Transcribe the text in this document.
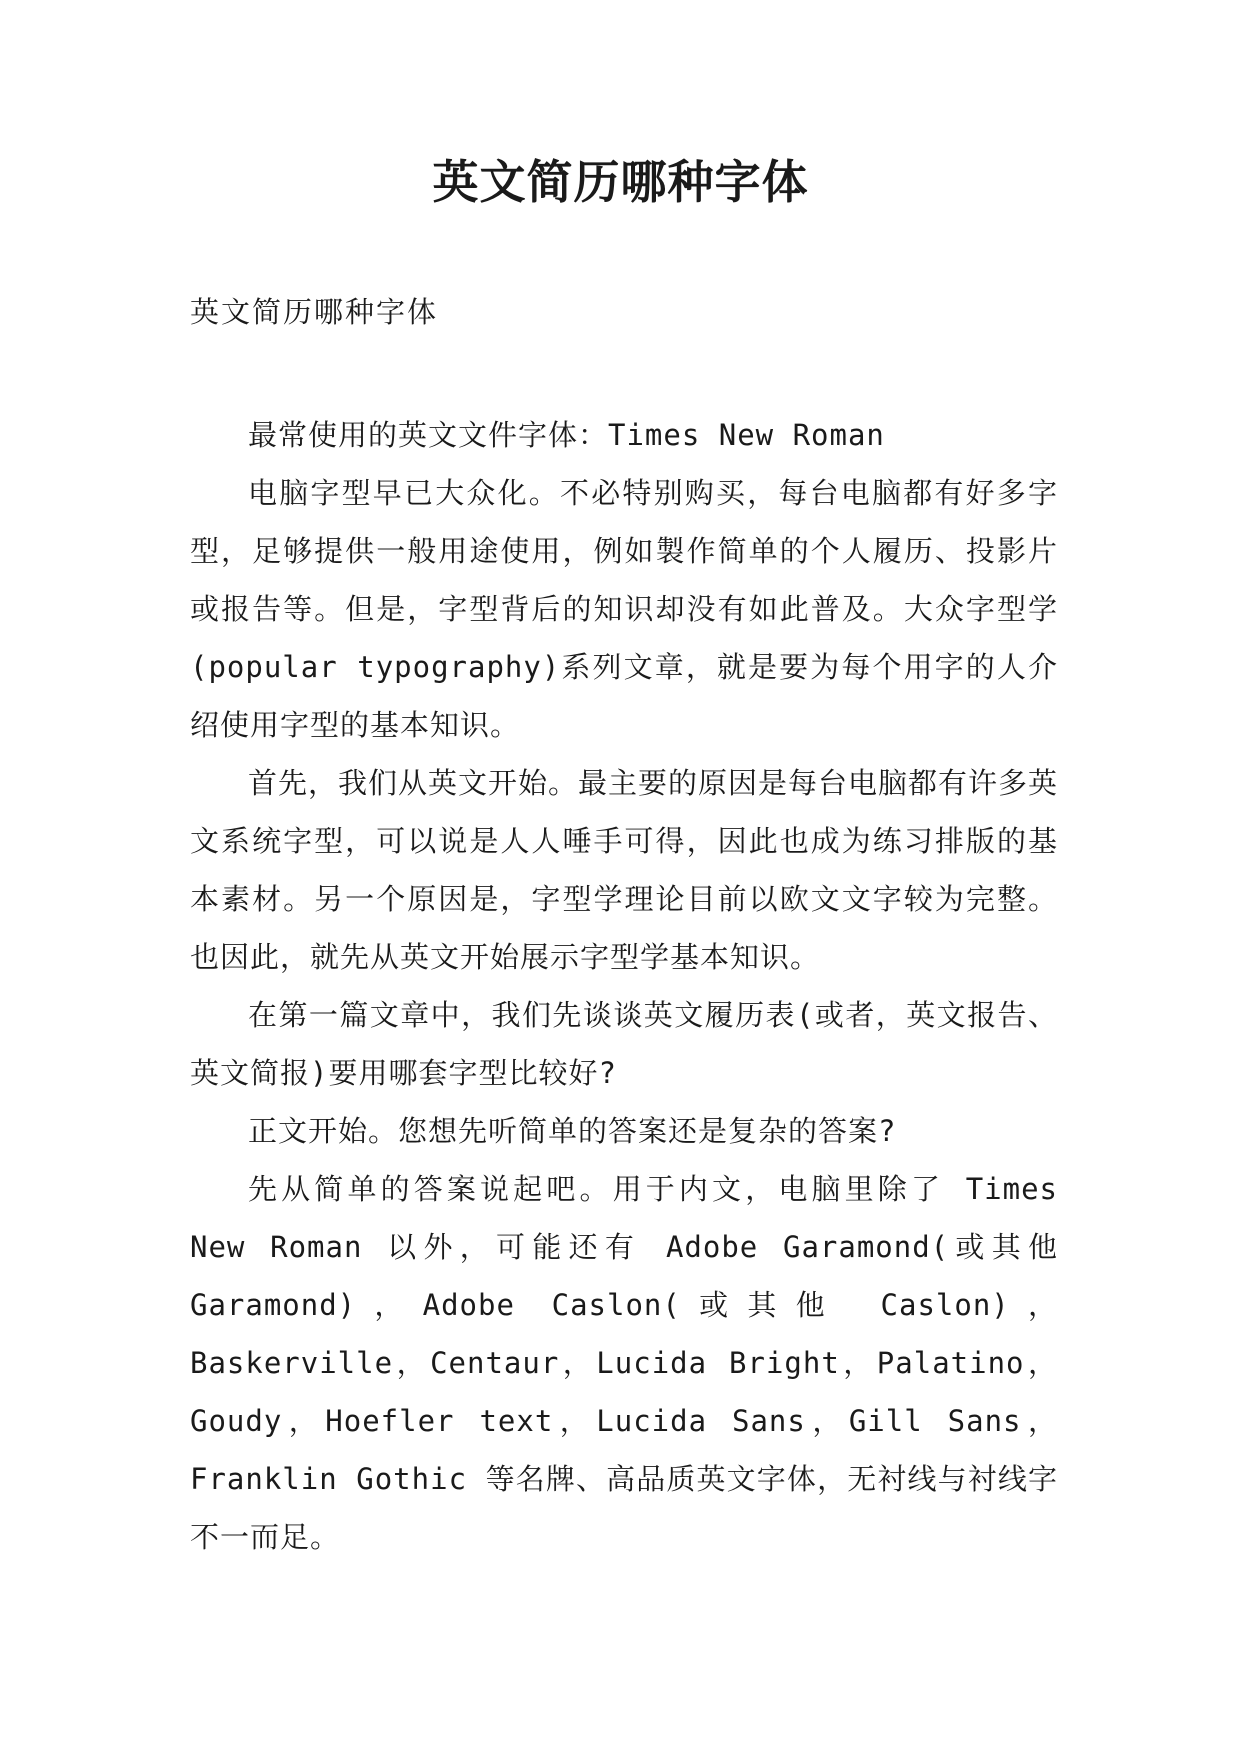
英文简历哪种字体
英文简历哪种字体

最常使用的英文文件字体：Times New Roman

电脑字型早已大众化。不必特别购买，每台电脑都有好多字型，足够提供一般用途使用，例如製作简单的个人履历、投影片或报告等。但是，字型背后的知识却没有如此普及。大众字型学(popular typography)系列文章，就是要为每个用字的人介绍使用字型的基本知识。

首先，我们从英文开始。最主要的原因是每台电脑都有许多英文系统字型，可以说是人人唾手可得，因此也成为练习排版的基本素材。另一个原因是，字型学理论目前以欧文文字较为完整。也因此，就先从英文开始展示字型学基本知识。

在第一篇文章中，我们先谈谈英文履历表(或者，英文报告、英文简报)要用哪套字型比较好?

正文开始。您想先听简单的答案还是复杂的答案?

先从简单的答案说起吧。用于内文，电脑里除了 Times New Roman 以外，可能还有 Adobe Garamond(或其他 Garamond)，Adobe Caslon(或其他 Caslon)，Baskerville，Centaur，Lucida Bright，Palatino，Goudy，Hoefler text，Lucida Sans，Gill Sans，Franklin Gothic 等名牌、高品质英文字体，无衬线与衬线字不一而足。
